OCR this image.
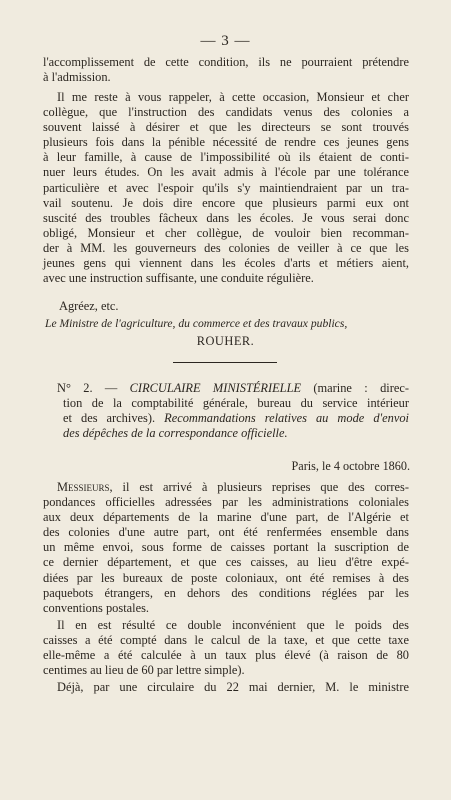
— 3 —
l'accomplissement de cette condition, ils ne pourraient prétendre
à l'admission.
Il me reste à vous rappeler, à cette occasion, Monsieur et cher
collègue, que l'instruction des candidats venus des colonies a
souvent laissé à désirer et que les directeurs se sont trouvés
plusieurs fois dans la pénible nécessité de rendre ces jeunes gens
à leur famille, à cause de l'impossibilité où ils étaient de conti-
nuer leurs études. On les avait admis à l'école par une tolérance
particulière et avec l'espoir qu'ils s'y maintiendraient par un tra-
vail soutenu. Je dois dire encore que plusieurs parmi eux ont
suscité des troubles fâcheux dans les écoles. Je vous serai donc
obligé, Monsieur et cher collègue, de vouloir bien recomman-
der à MM. les gouverneurs des colonies de veiller à ce que les
jeunes gens qui viennent dans les écoles d'arts et métiers aient,
avec une instruction suffisante, une conduite régulière.
Agréez, etc.
Le Ministre de l'agriculture, du commerce et des travaux publics,
ROUHER.
N° 2. — CIRCULAIRE MINISTÉRIELLE (marine : direc-
tion de la comptabilité générale, bureau du service intérieur
et des archives). Recommandations relatives au mode d'envoi
des dépêches de la correspondance officielle.
Paris, le 4 octobre 1860.
Messieurs, il est arrivé à plusieurs reprises que des corres-
pondances officielles adressées par les administrations coloniales
aux deux départements de la marine d'une part, de l'Algérie et
des colonies d'une autre part, ont été renfermées ensemble dans
un même envoi, sous forme de caisses portant la suscription de
ce dernier département, et que ces caisses, au lieu d'être expé-
diées par les bureaux de poste coloniaux, ont été remises à des
paquebots étrangers, en dehors des conditions réglées par les
conventions postales.
Il en est résulté ce double inconvénient que le poids des
caisses a été compté dans le calcul de la taxe, et que cette taxe
elle-même a été calculée à un taux plus élevé (à raison de 80
centimes au lieu de 60 par lettre simple).
Déjà, par une circulaire du 22 mai dernier, M. le ministre
